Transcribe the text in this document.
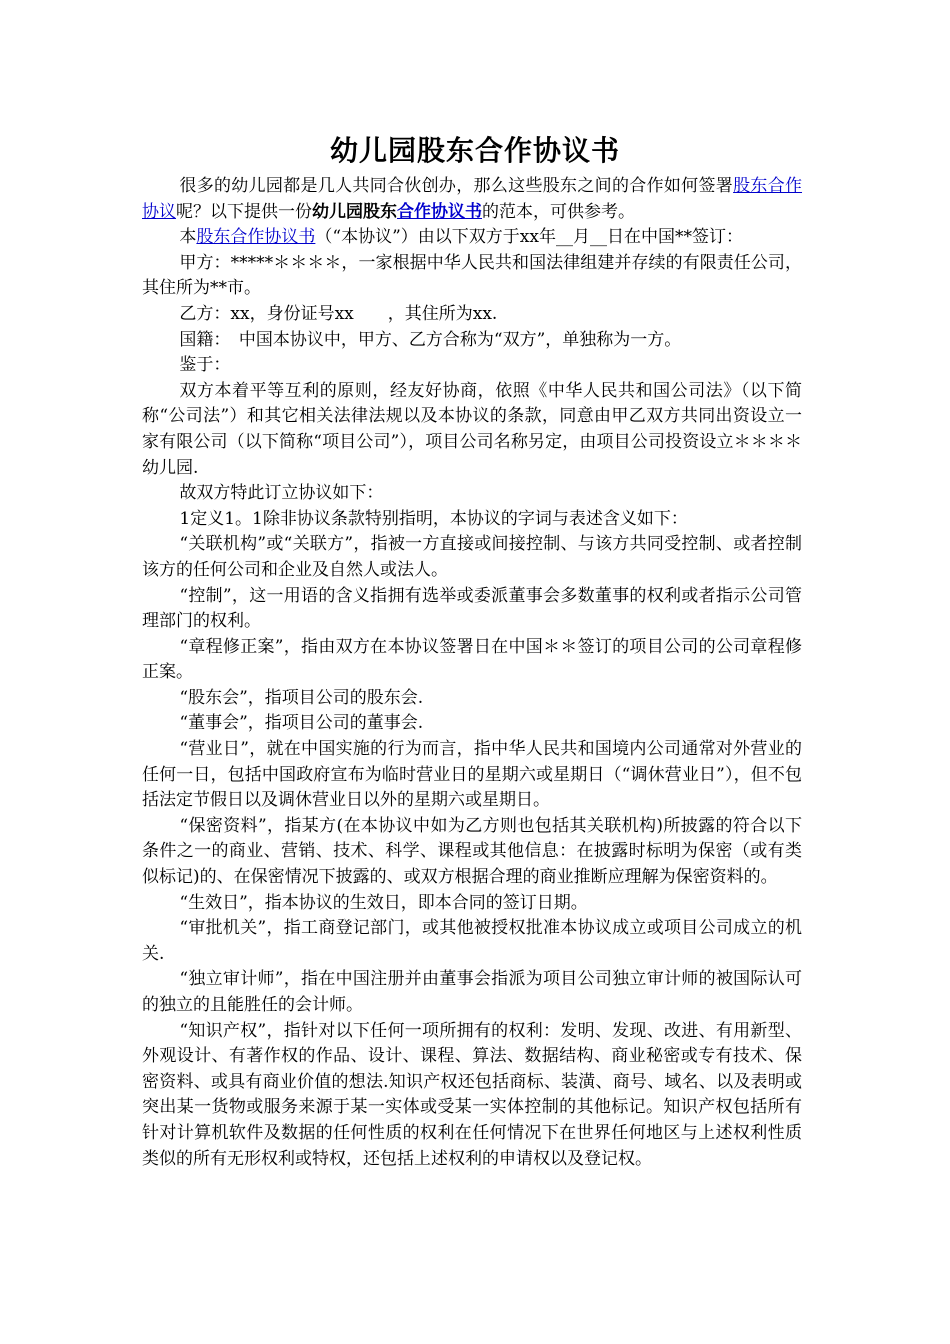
幼儿园股东合作协议书

很多的幼儿园都是几人共同合伙创办，那么这些股东之间的合作如何签署股东合作协议呢？以下提供一份幼儿园股东合作协议书的范本，可供参考。

本股东合作协议书（“本协议”）由以下双方于xx年__月__日在中国**签订：

甲方：*****＊＊＊＊，一家根据中华人民共和国法律组建并存续的有限责任公司，其住所为**市。

乙方：xx，身份证号xx　　，其住所为xx.

国籍：　中国本协议中，甲方、乙方合称为“双方”，单独称为一方。

鉴于：

双方本着平等互利的原则，经友好协商，依照《中华人民共和国公司法》（以下简称“公司法”）和其它相关法律法规以及本协议的条款，同意由甲乙双方共同出资设立一家有限公司（以下简称“项目公司”），项目公司名称另定，由项目公司投资设立＊＊＊＊幼儿园.

故双方特此订立协议如下：

1定义1。1除非协议条款特别指明，本协议的字词与表述含义如下：

“关联机构”或“关联方”，指被一方直接或间接控制、与该方共同受控制、或者控制该方的任何公司和企业及自然人或法人。

“控制”，这一用语的含义指拥有选举或委派董事会多数董事的权利或者指示公司管理部门的权利。

“章程修正案”，指由双方在本协议签署日在中国＊＊签订的项目公司的公司章程修正案。

“股东会”，指项目公司的股东会.

“董事会”，指项目公司的董事会.

“营业日”，就在中国实施的行为而言，指中华人民共和国境内公司通常对外营业的任何一日，包括中国政府宣布为临时营业日的星期六或星期日（“调休营业日”），但不包括法定节假日以及调休营业日以外的星期六或星期日。

“保密资料”，指某方(在本协议中如为乙方则也包括其关联机构)所披露的符合以下条件之一的商业、营销、技术、科学、课程或其他信息：在披露时标明为保密（或有类似标记)的、在保密情况下披露的、或双方根据合理的商业推断应理解为保密资料的。

“生效日”，指本协议的生效日，即本合同的签订日期。

“审批机关”，指工商登记部门，或其他被授权批准本协议成立或项目公司成立的机关.

“独立审计师”，指在中国注册并由董事会指派为项目公司独立审计师的被国际认可的独立的且能胜任的会计师。

“知识产权”，指针对以下任何一项所拥有的权利：发明、发现、改进、有用新型、外观设计、有著作权的作品、设计、课程、算法、数据结构、商业秘密或专有技术、保密资料、或具有商业价值的想法.知识产权还包括商标、装潢、商号、域名、以及表明或突出某一货物或服务来源于某一实体或受某一实体控制的其他标记。知识产权包括所有针对计算机软件及数据的任何性质的权利在任何情况下在世界任何地区与上述权利性质类似的所有无形权利或特权，还包括上述权利的申请权以及登记权。
